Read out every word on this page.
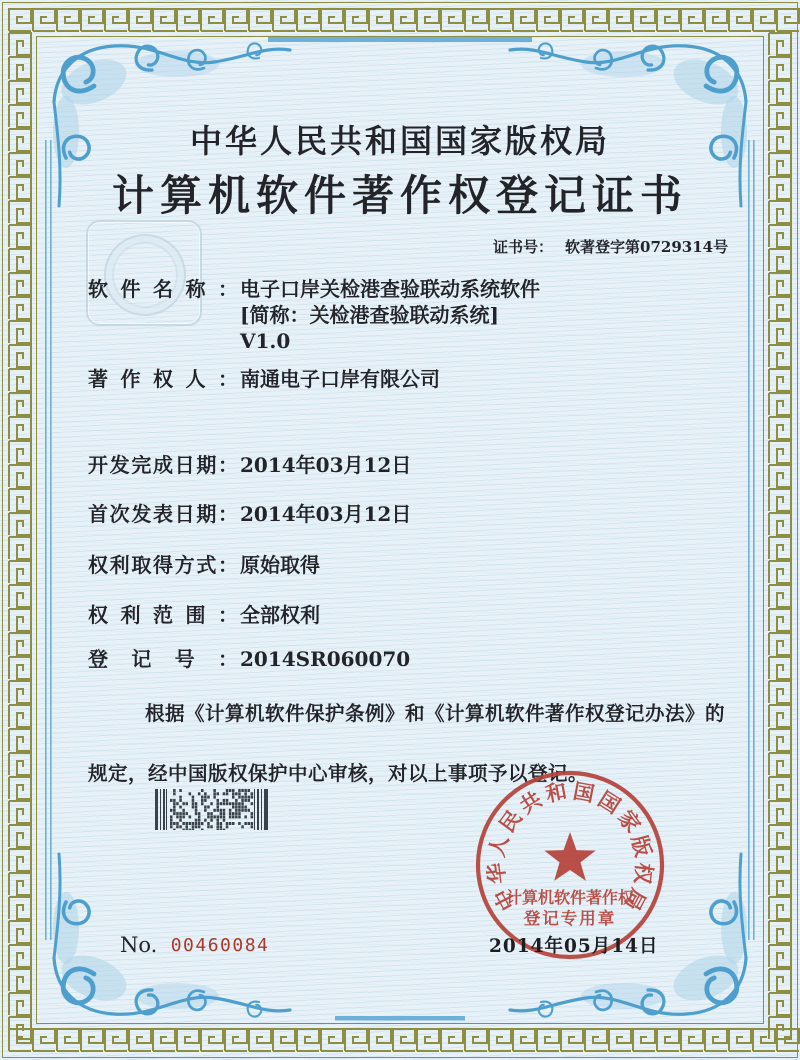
中华人民共和国国家版权局
计算机软件著作权登记证书
证书号： 软著登字第0729314号
软件名称： 电子口岸关检港查验联动系统软件
[简称：关检港查验联动系统]
V1.0
著作权人： 南通电子口岸有限公司
开发完成日期： 2014年03月12日
首次发表日期： 2014年03月12日
权利取得方式： 原始取得
权利范围： 全部权利
登记号： 2014SR060070
根据《计算机软件保护条例》和《计算机软件著作权登记办法》的
规定，经中国版权保护中心审核，对以上事项予以登记。
中
华
人
民
共
和 国
国
家
版
权
局
计算机软件著作权
登记专用章
2014年05月14日
No. 00460084
